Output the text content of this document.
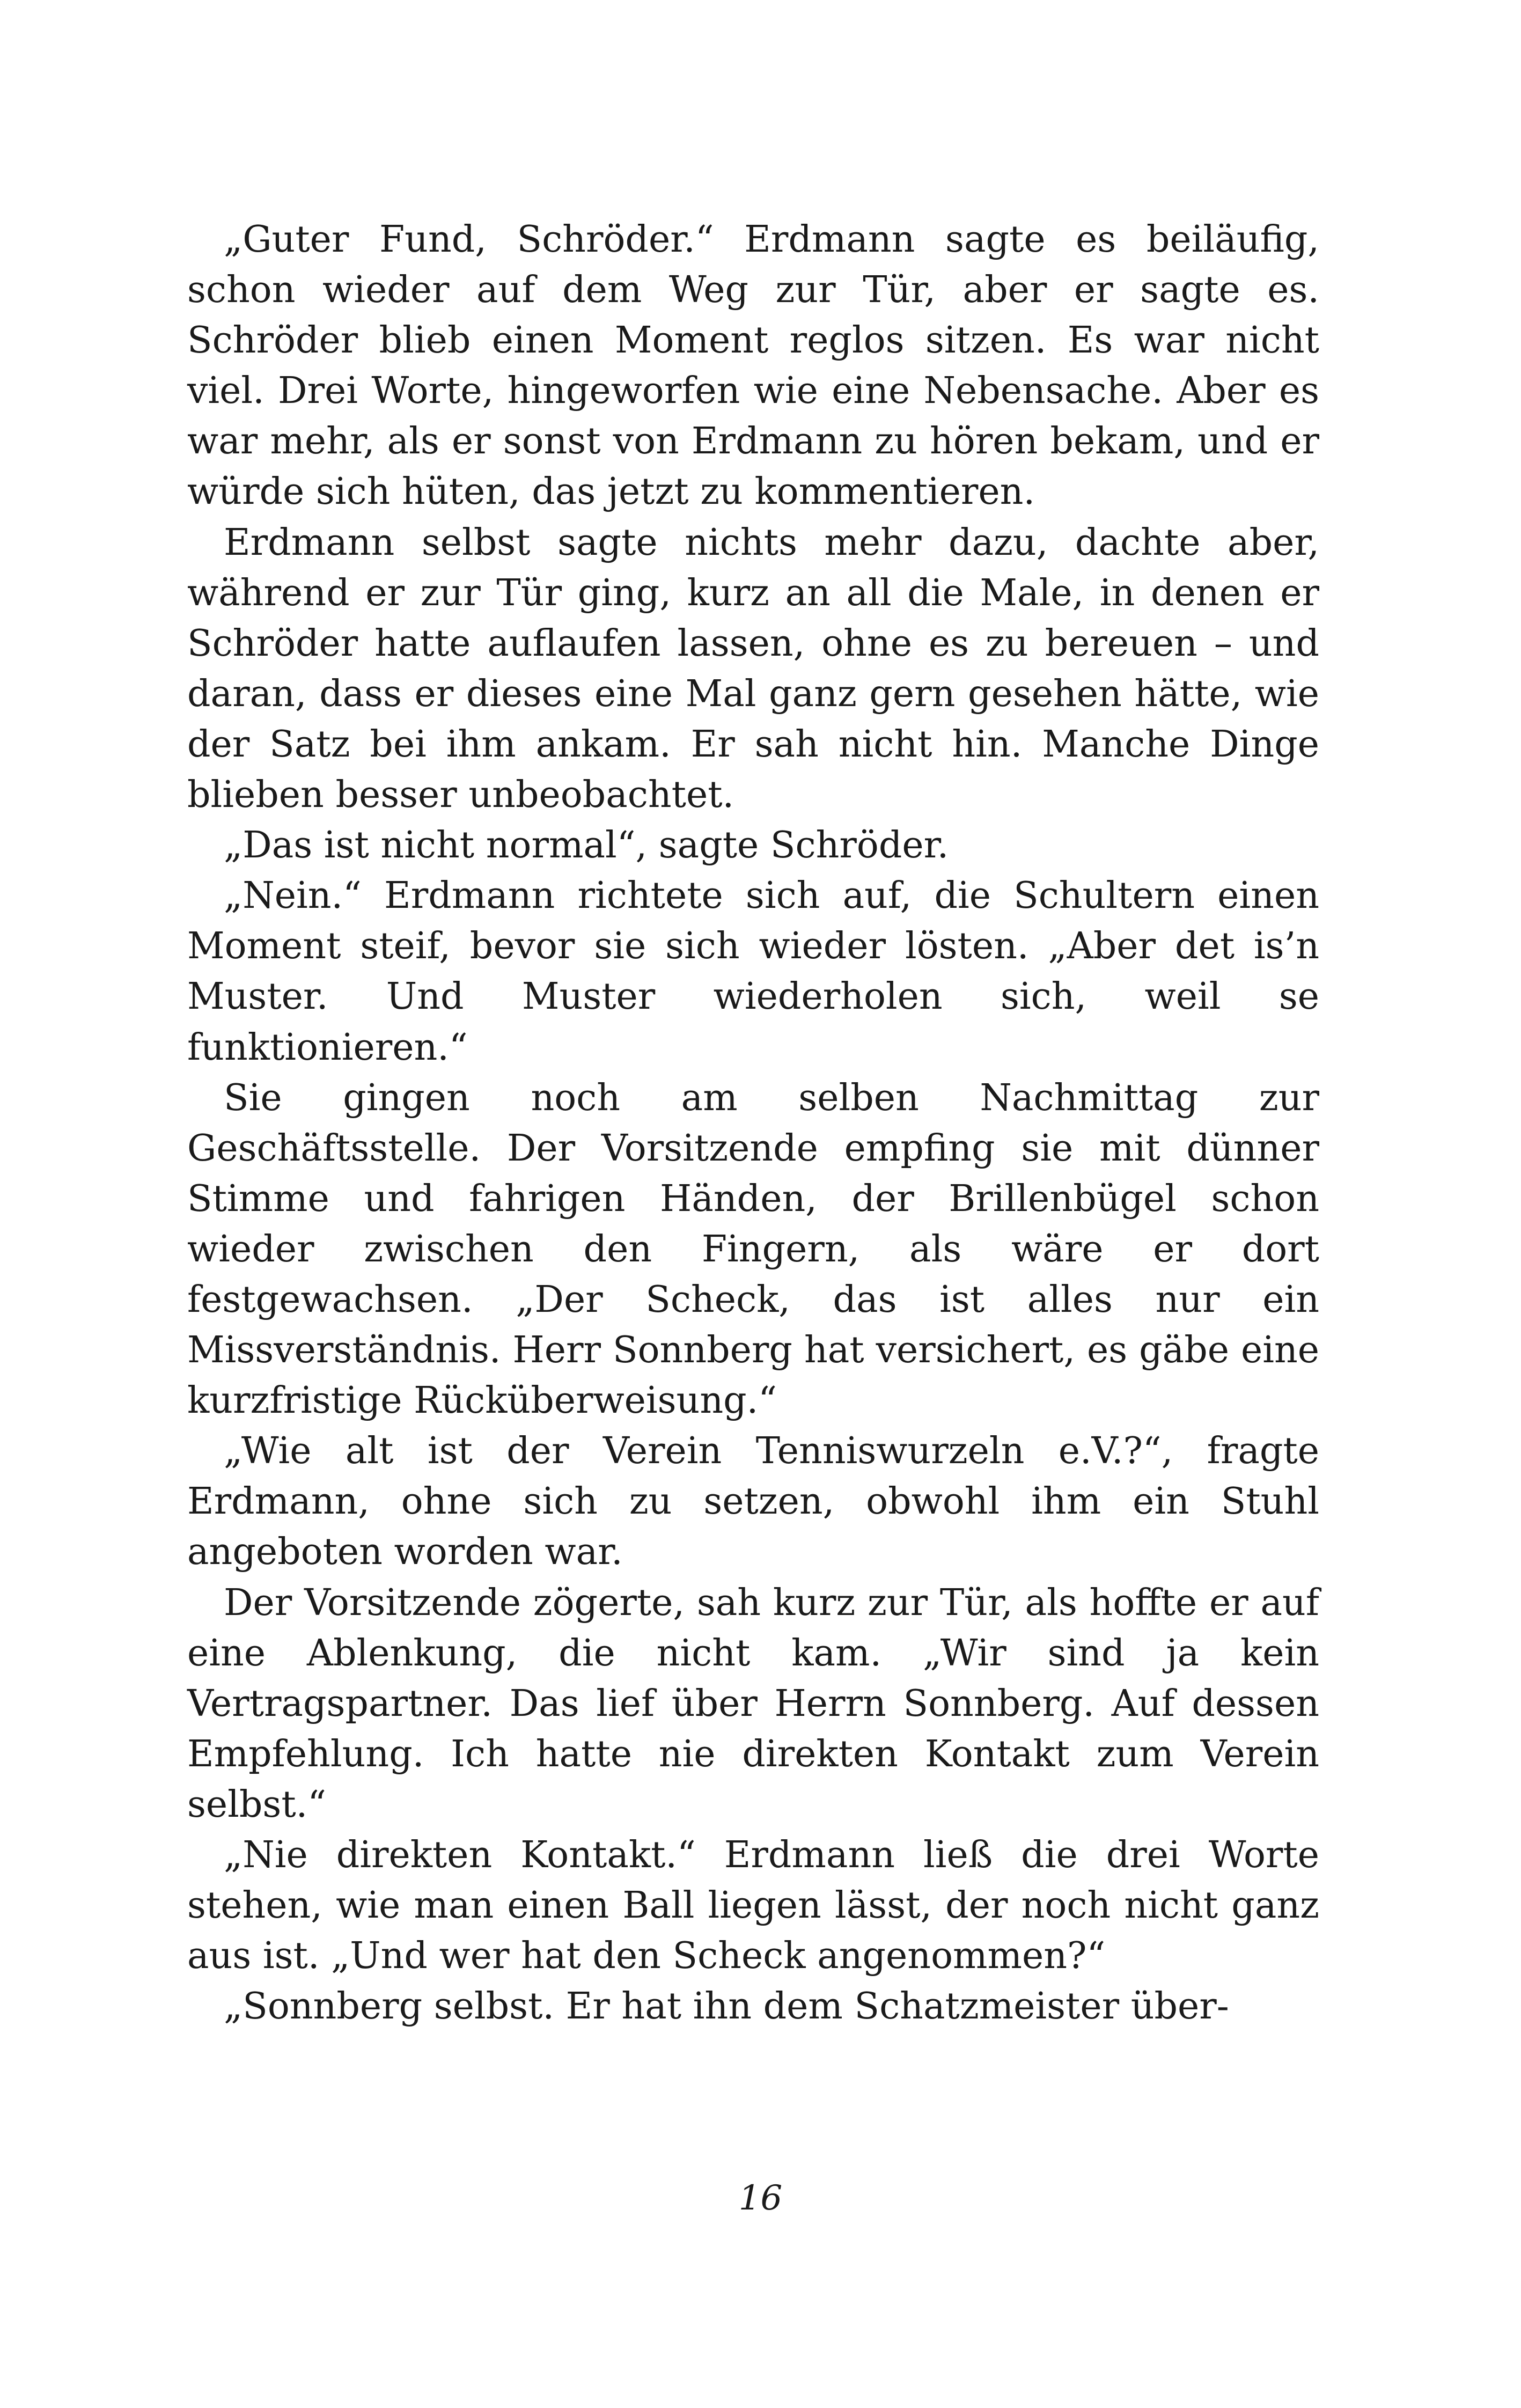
„Guter Fund, Schröder.“ Erdmann sagte es beiläufig, schon wieder auf dem Weg zur Tür, aber er sagte es. Schröder blieb einen Moment reglos sitzen. Es war nicht viel. Drei Worte, hingeworfen wie eine Nebensache. Aber es war mehr, als er sonst von Erdmann zu hören bekam, und er würde sich hüten, das jetzt zu kommentieren.

Erdmann selbst sagte nichts mehr dazu, dachte aber, während er zur Tür ging, kurz an all die Male, in denen er Schröder hatte auflaufen lassen, ohne es zu bereuen – und daran, dass er dieses eine Mal ganz gern gesehen hätte, wie der Satz bei ihm ankam. Er sah nicht hin. Manche Dinge blieben besser unbeobachtet.

„Das ist nicht normal“, sagte Schröder.

„Nein.“ Erdmann richtete sich auf, die Schultern einen Moment steif, bevor sie sich wieder lösten. „Aber det is’n Muster. Und Muster wiederholen sich, weil se funktionieren.“

Sie gingen noch am selben Nachmittag zur Geschäftsstelle. Der Vorsitzende empfing sie mit dünner Stimme und fahrigen Händen, der Brillenbügel schon wieder zwischen den Fingern, als wäre er dort festgewachsen. „Der Scheck, das ist alles nur ein Missverständnis. Herr Sonnberg hat versichert, es gäbe eine kurzfristige Rücküberweisung.“

„Wie alt ist der Verein Tenniswurzeln e.V.?“, fragte Erdmann, ohne sich zu setzen, obwohl ihm ein Stuhl angeboten worden war.

Der Vorsitzende zögerte, sah kurz zur Tür, als hoffte er auf eine Ablenkung, die nicht kam. „Wir sind ja kein Vertragspartner. Das lief über Herrn Sonnberg. Auf dessen Empfehlung. Ich hatte nie direkten Kontakt zum Verein selbst.“

„Nie direkten Kontakt.“ Erdmann ließ die drei Worte stehen, wie man einen Ball liegen lässt, der noch nicht ganz aus ist. „Und wer hat den Scheck angenommen?“

„Sonnberg selbst. Er hat ihn dem Schatzmeister über-

16
